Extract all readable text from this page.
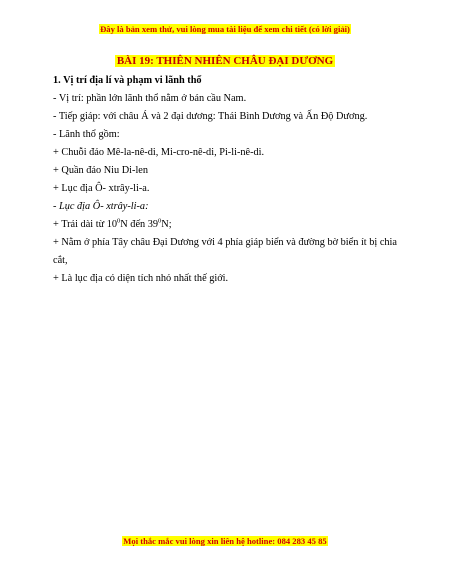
Đây là bản xem thử, vui lòng mua tài liệu để xem chi tiết (có lời giải)
BÀI 19: THIÊN NHIÊN CHÂU ĐẠI DƯƠNG
1. Vị trí địa lí và phạm vi lãnh thổ
- Vị trí: phần lớn lãnh thổ nằm ở bán cầu Nam.
- Tiếp giáp: với châu Á và 2 đại dương: Thái Bình Dương và Ấn Độ Dương.
- Lãnh thổ gồm:
+ Chuỗi đảo Mê-la-nê-di, Mi-cro-nê-di, Pi-li-nê-di.
+ Quần đảo Niu Di-len
+ Lục địa Ô- xtrây-li-a.
- Lục địa Ô- xtrây-li-a:
+ Trải dài từ $10^0N$ đến $39^0N$;
+ Nằm ở phía Tây châu Đại Dương với 4 phía giáp biển và đường bờ biển ít bị chia cắt,
+ Là lục địa có diện tích nhỏ nhất thế giới.
Mọi thắc mắc vui lòng xin liên hệ hotline: 084 283 45 85
